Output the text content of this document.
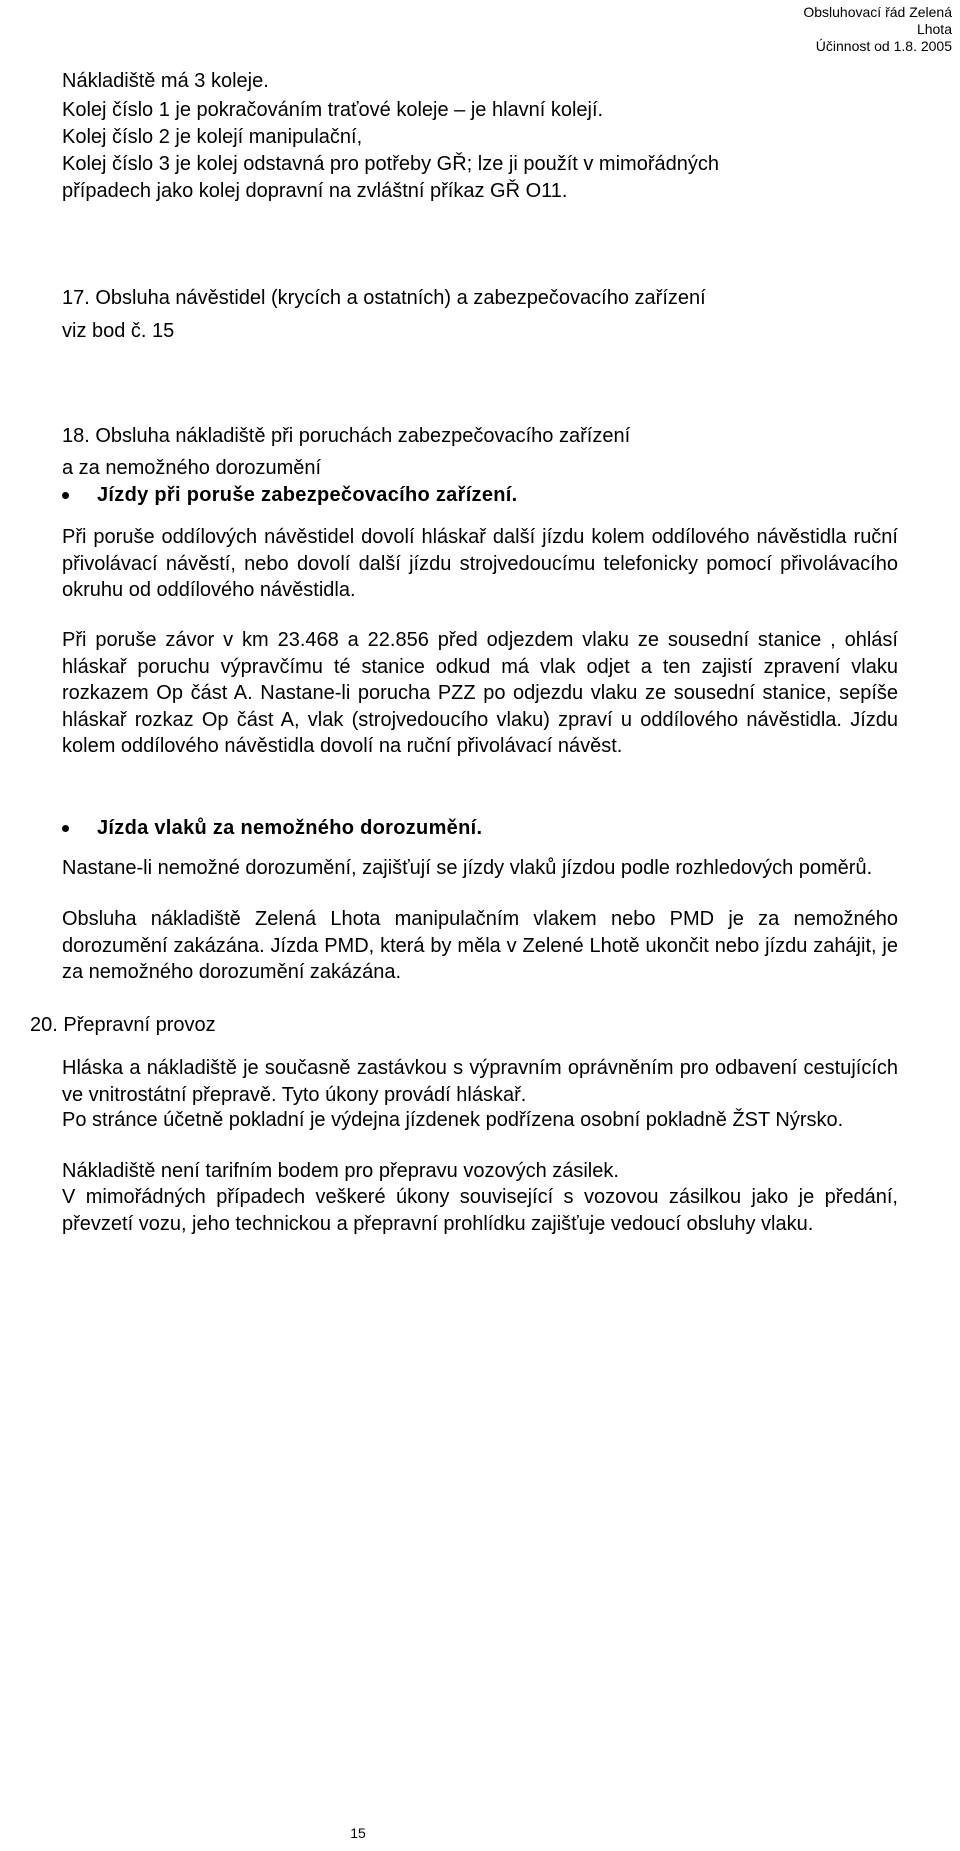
Obsluhovací řád Zelená
Lhota
Účinnost od 1.8. 2005
Nákladiště má 3 koleje.
Kolej číslo 1 je pokračováním traťové koleje – je hlavní kolejí.
Kolej číslo 2 je kolejí manipulační,
Kolej číslo 3 je kolej odstavná pro potřeby GŘ; lze ji použít v mimořádných
případech jako kolej dopravní na zvláštní příkaz GŘ O11.
17. Obsluha návěstidel (krycích a ostatních) a zabezpečovacího zařízení
viz bod č. 15
18. Obsluha nákladiště při poruchách zabezpečovacího zařízení
a za nemožného dorozumění
Jízdy při poruše zabezpečovacího zařízení.
Při poruše oddílových návěstidel dovolí hláskař další jízdu kolem oddílového návěstidla ruční přivolávací návěstí, nebo dovolí další jízdu strojvedoucímu telefonicky pomocí přivolávacího okruhu od oddílového návěstidla.
Při poruše závor v km 23.468 a 22.856 před odjezdem vlaku ze sousední stanice , ohlásí hláskař poruchu výpravčímu té stanice odkud má vlak odjet a ten zajistí zpravení vlaku rozkazem Op část A. Nastane-li porucha PZZ po odjezdu vlaku ze sousední stanice, sepíše hláskař rozkaz Op část A, vlak (strojvedoucího vlaku) zpraví u oddílového návěstidla. Jízdu kolem oddílového návěstidla dovolí na ruční přivolávací návěst.
Jízda vlaků za nemožného dorozumění.
Nastane-li nemožné dorozumění, zajišťují se jízdy vlaků jízdou podle rozhledových poměrů.
Obsluha nákladiště Zelená Lhota manipulačním vlakem nebo PMD je za nemožného dorozumění zakázána. Jízda PMD, která by měla v Zelené Lhotě ukončit nebo jízdu zahájit, je za nemožného dorozumění zakázána.
20. Přepravní provoz
Hláska a nákladiště je současně zastávkou s výpravním oprávněním pro odbavení cestujících ve vnitrostátní přepravě. Tyto úkony provádí hláskař.
Po stránce účetně pokladní je výdejna jízdenek podřízena osobní pokladně ŽST Nýrsko.
Nákladiště není tarifním bodem pro přepravu vozových zásilek.
V mimořádných případech veškeré úkony související s vozovou zásilkou jako je předání, převzetí vozu, jeho technickou a přepravní prohlídku zajišťuje vedoucí obsluhy vlaku.
15
